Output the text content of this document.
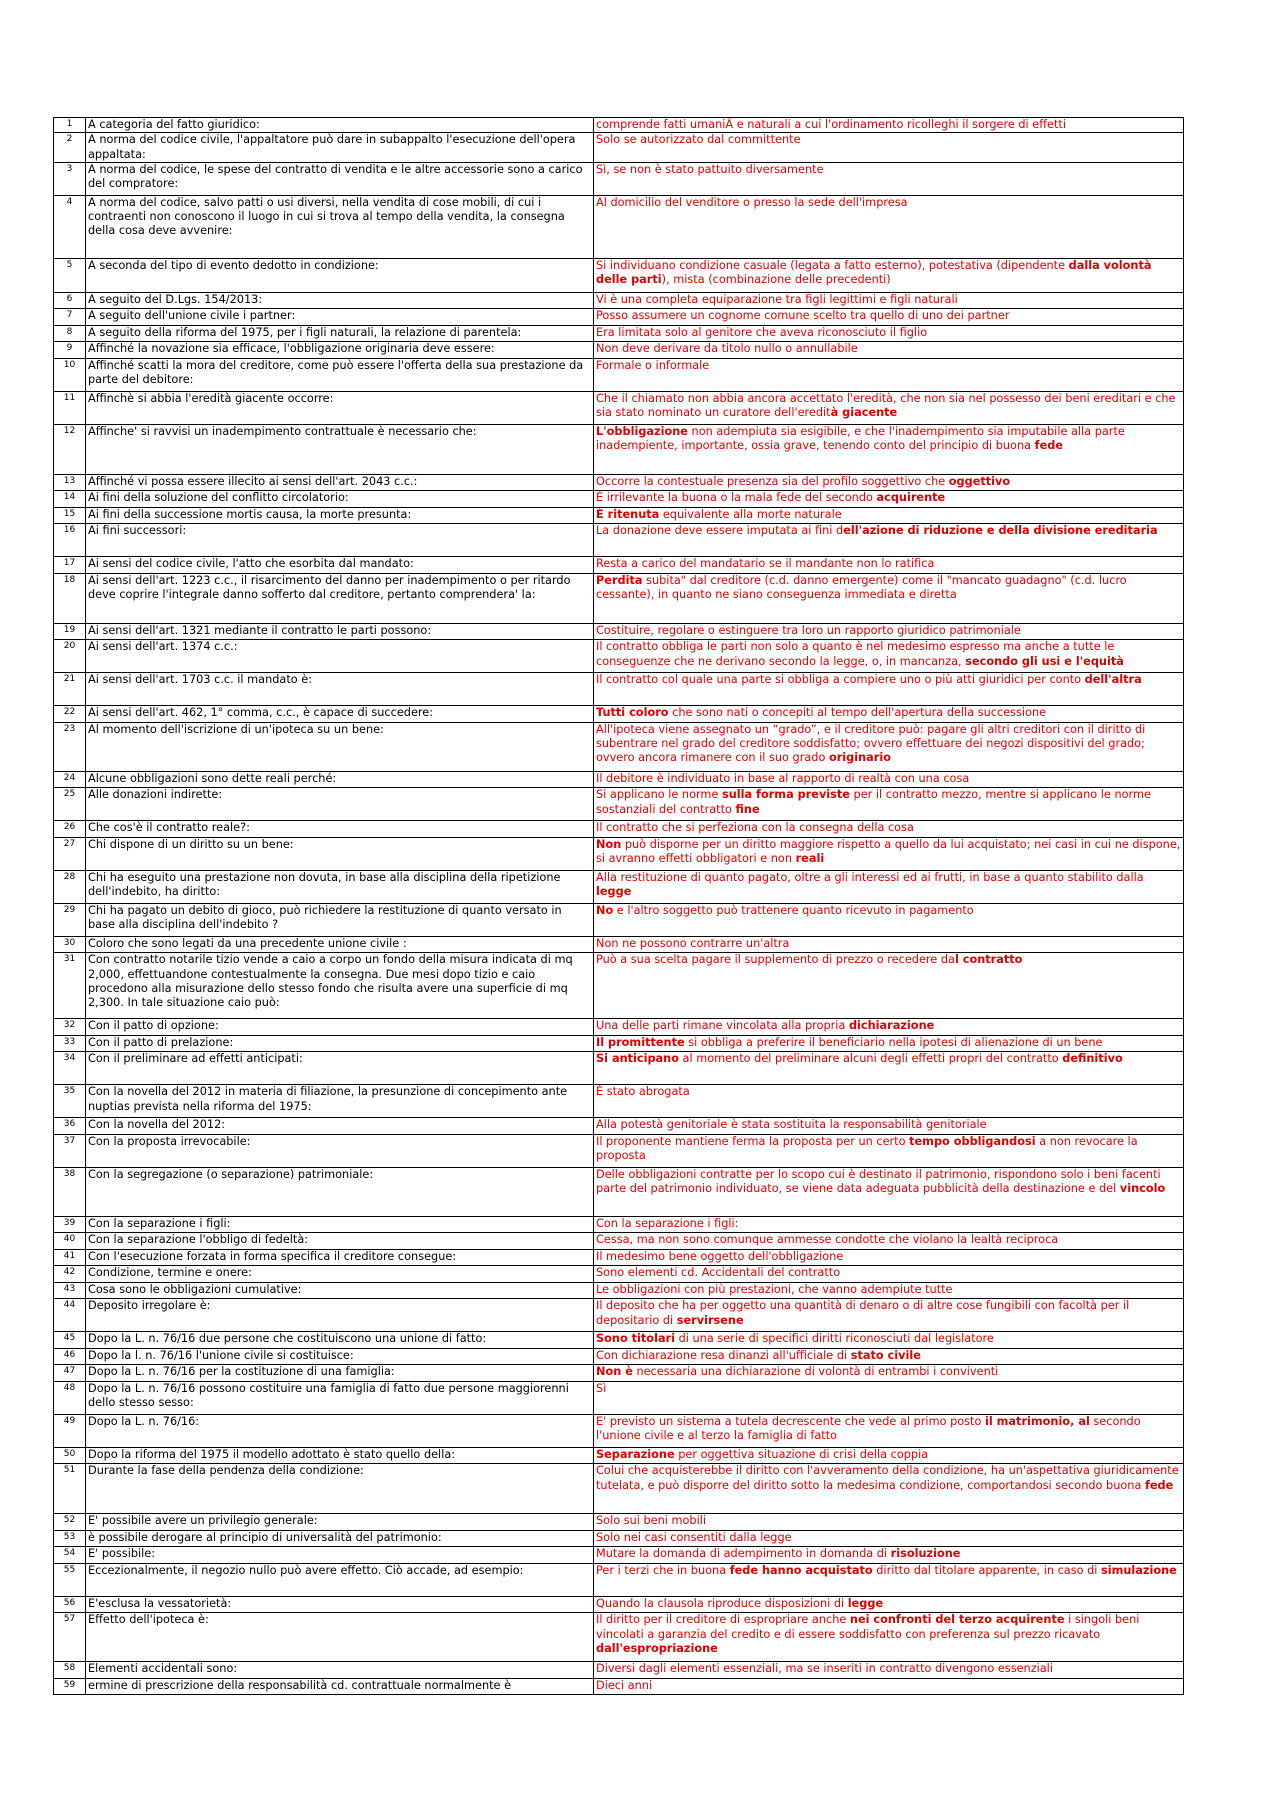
1	A categoria del fatto giuridico:	comprende fatti umaniÂ e naturali a cui l'ordinamento ricolleghi il sorgere di effetti
2	A norma del codice civile, l'appaltatore può dare in subappalto l'esecuzione dell'opera appaltata:	Solo se autorizzato dal committente
3	A norma del codice, le spese del contratto di vendita e le altre accessorie sono a carico del compratore:	Sì, se non è stato pattuito diversamente
4	A norma del codice, salvo patti o usi diversi, nella vendita di cose mobili, di cui i contraenti non conoscono il luogo in cui si trova al tempo della vendita, la consegna della cosa deve avvenire:	Al domicilio del venditore o presso la sede dell'impresa
5	A seconda del tipo di evento dedotto in condizione:	Si individuano condizione casuale (legata a fatto esterno), potestativa (dipendente dalla volontà delle parti), mista (combinazione delle precedenti)
6	A seguito del D.Lgs. 154/2013:	Vi è una completa equiparazione tra figli legittimi e figli naturali
7	A seguito dell'unione civile i partner:	Posso assumere un cognome comune scelto tra quello di uno dei partner
8	A seguito della riforma del 1975, per i figli naturali, la relazione di parentela:	Era limitata solo al genitore che aveva riconosciuto il figlio
9	Affinché la novazione sia efficace, l'obbligazione originaria deve essere:	Non deve derivare da titolo nullo o annullabile
10	Affinché scatti la mora del creditore, come può essere l'offerta della sua prestazione da parte del debitore:	Formale o informale
11	Affinchè si abbia l'eredità giacente occorre:	Che il chiamato non abbia ancora accettato l'eredità, che non sia nel possesso dei beni ereditari e che sia stato nominato un curatore dell'eredità giacente
12	Affinche' si ravvisi un inadempimento contrattuale è necessario che:	L'obbligazione non adempiuta sia esigibile, e che l'inadempimento sia imputabile alla parte inadempiente, importante, ossia grave, tenendo conto del principio di buona fede
13	Affinché vi possa essere illecito ai sensi dell'art. 2043 c.c.:	Occorre la contestuale presenza sia del profilo soggettivo che oggettivo
14	Ai fini della soluzione del conflitto circolatorio:	È irrilevante la buona o la mala fede del secondo acquirente
15	Ai fini della successione mortis causa, la morte presunta:	È ritenuta equivalente alla morte naturale
16	Ai fini successori:	La donazione deve essere imputata ai fini dell'azione di riduzione e della divisione ereditaria
17	Ai sensi del codice civile, l'atto che esorbita dal mandato:	Resta a carico del mandatario se il mandante non lo ratifica
18	Ai sensi dell'art. 1223 c.c., il risarcimento del danno per inadempimento o per ritardo deve coprire l'integrale danno sofferto dal creditore, pertanto comprendera' la:	Perdita subita" dal creditore (c.d. danno emergente) come il "mancato guadagno" (c.d. lucro cessante), in quanto ne siano conseguenza immediata e diretta
19	Ai sensi dell'art. 1321 mediante il contratto le parti possono:	Costituire, regolare o estinguere tra loro un rapporto giuridico patrimoniale
20	Ai sensi dell'art. 1374 c.c.:	Il contratto obbliga le parti non solo a quanto è nel medesimo espresso ma anche a tutte le conseguenze che ne derivano secondo la legge, o, in mancanza, secondo gli usi e l'equità
21	Ai sensi dell'art. 1703 c.c. il mandato è:	Il contratto col quale una parte si obbliga a compiere uno o più atti giuridici per conto dell'altra
22	Ai sensi dell'art. 462, 1° comma, c.c., è capace di succedere:	Tutti coloro che sono nati o concepiti al tempo dell'apertura della successione
23	Al momento dell'iscrizione di un'ipoteca su un bene:	All'ipoteca viene assegnato un “grado”, e il creditore può: pagare gli altri creditori con il diritto di subentrare nel grado del creditore soddisfatto; ovvero effettuare dei negozi dispositivi del grado; ovvero ancora rimanere con il suo grado originario
24	Alcune obbligazioni sono dette reali perché:	Il debitore è individuato in base al rapporto di realtà con una cosa
25	Alle donazioni indirette:	Si applicano le norme sulla forma previste per il contratto mezzo, mentre si applicano le norme sostanziali del contratto fine
26	Che cos'è il contratto reale?:	Il contratto che si perfeziona con la consegna della cosa
27	Chi dispone di un diritto su un bene:	Non può disporne per un diritto maggiore rispetto a quello da lui acquistato; nei casi in cui ne dispone, si avranno effetti obbligatori e non reali
28	Chi ha eseguito una prestazione non dovuta, in base alla disciplina della ripetizione dell'indebito, ha diritto:	Alla restituzione di quanto pagato, oltre a gli interessi ed ai frutti, in base a quanto stabilito dalla legge
29	Chi ha pagato un debito di gioco, può richiedere la restituzione di quanto versato in base alla disciplina dell'indebito ?	No e l'altro soggetto può trattenere quanto ricevuto in pagamento
30	Coloro che sono legati da una precedente unione civile :	Non ne possono contrarre un'altra
31	Con contratto notarile tizio vende a caio a corpo un fondo della misura indicata di mq 2,000, effettuandone contestualmente la consegna. Due mesi dopo tizio e caio procedono alla misurazione dello stesso fondo che risulta avere una superficie di mq 2,300. In tale situazione caio può:	Può a sua scelta pagare il supplemento di prezzo o recedere dal contratto
32	Con il patto di opzione:	Una delle parti rimane vincolata alla propria dichiarazione
33	Con il patto di prelazione:	Il promittente si obbliga a preferire il beneficiario nella ipotesi di alienazione di un bene
34	Con il preliminare ad effetti anticipati:	Si anticipano al momento del preliminare alcuni degli effetti propri del contratto definitivo
35	Con la novella del 2012 in materia di filiazione, la presunzione di concepimento ante nuptias prevista nella riforma del 1975:	È stato abrogata
36	Con la novella del 2012:	Alla potestà genitoriale è stata sostituita la responsabilità genitoriale
37	Con la proposta irrevocabile:	Il proponente mantiene ferma la proposta per un certo tempo obbligandosi a non revocare la proposta
38	Con la segregazione (o separazione) patrimoniale:	Delle obbligazioni contratte per lo scopo cui è destinato il patrimonio, rispondono solo i beni facenti parte del patrimonio individuato, se viene data adeguata pubblicità della destinazione e del vincolo
39	Con la separazione i figli:	Con la separazione i figli:
40	Con la separazione l'obbligo di fedeltà:	Cessa, ma non sono comunque ammesse condotte che violano la lealtà reciproca
41	Con l'esecuzione forzata in forma specifica il creditore consegue:	Il medesimo bene oggetto dell'obbligazione
42	Condizione, termine e onere:	Sono elementi cd. Accidentali del contratto
43	Cosa sono le obbligazioni cumulative:	Le obbligazioni con più prestazioni, che vanno adempiute tutte
44	Deposito irregolare è:	Il deposito che ha per oggetto una quantità di denaro o di altre cose fungibili con facoltà per il depositario di servirsene
45	Dopo la L. n. 76/16 due persone che costituiscono una unione di fatto:	Sono titolari di una serie di specifici diritti riconosciuti dal legislatore
46	Dopo la l. n. 76/16 l'unione civile si costituisce:	Con dichiarazione resa dinanzi all'ufficiale di stato civile
47	Dopo la L. n. 76/16 per la costituzione di una famiglia:	Non è necessaria una dichiarazione di volontà di entrambi i conviventi
48	Dopo la L. n. 76/16 possono costituire una famiglia di fatto due persone maggiorenni dello stesso sesso:	Sì
49	Dopo la L. n. 76/16:	E' previsto un sistema a tutela decrescente che vede al primo posto il matrimonio, al secondo l'unione civile e al terzo la famiglia di fatto
50	Dopo la riforma del 1975 il modello adottato è stato quello della:	Separazione per oggettiva situazione di crisi della coppia
51	Durante la fase della pendenza della condizione:	Colui che acquisterebbe il diritto con l'avveramento della condizione, ha un'aspettativa giuridicamente tutelata, e può disporre del diritto sotto la medesima condizione, comportandosi secondo buona fede
52	E' possibile avere un privilegio generale:	Solo sui beni mobili
53	è possibile derogare al principio di universalità del patrimonio:	Solo nei casi consentiti dalla legge
54	E' possibile:	Mutare la domanda di adempimento in domanda di risoluzione
55	Eccezionalmente, il negozio nullo può avere effetto. Ciò accade, ad esempio:	Per i terzi che in buona fede hanno acquistato diritto dal titolare apparente, in caso di simulazione
56	E'esclusa la vessatorietà:	Quando la clausola riproduce disposizioni di legge
57	Effetto dell'ipoteca è:	Il diritto per il creditore di espropriare anche nei confronti del terzo acquirente i singoli beni vincolati a garanzia del credito e di essere soddisfatto con preferenza sul prezzo ricavato dall'espropriazione
58	Elementi accidentali sono:	Diversi dagli elementi essenziali, ma se inseriti in contratto divengono essenziali
59	ermine di prescrizione della responsabilità cd. contrattuale normalmente è	Dieci anni
